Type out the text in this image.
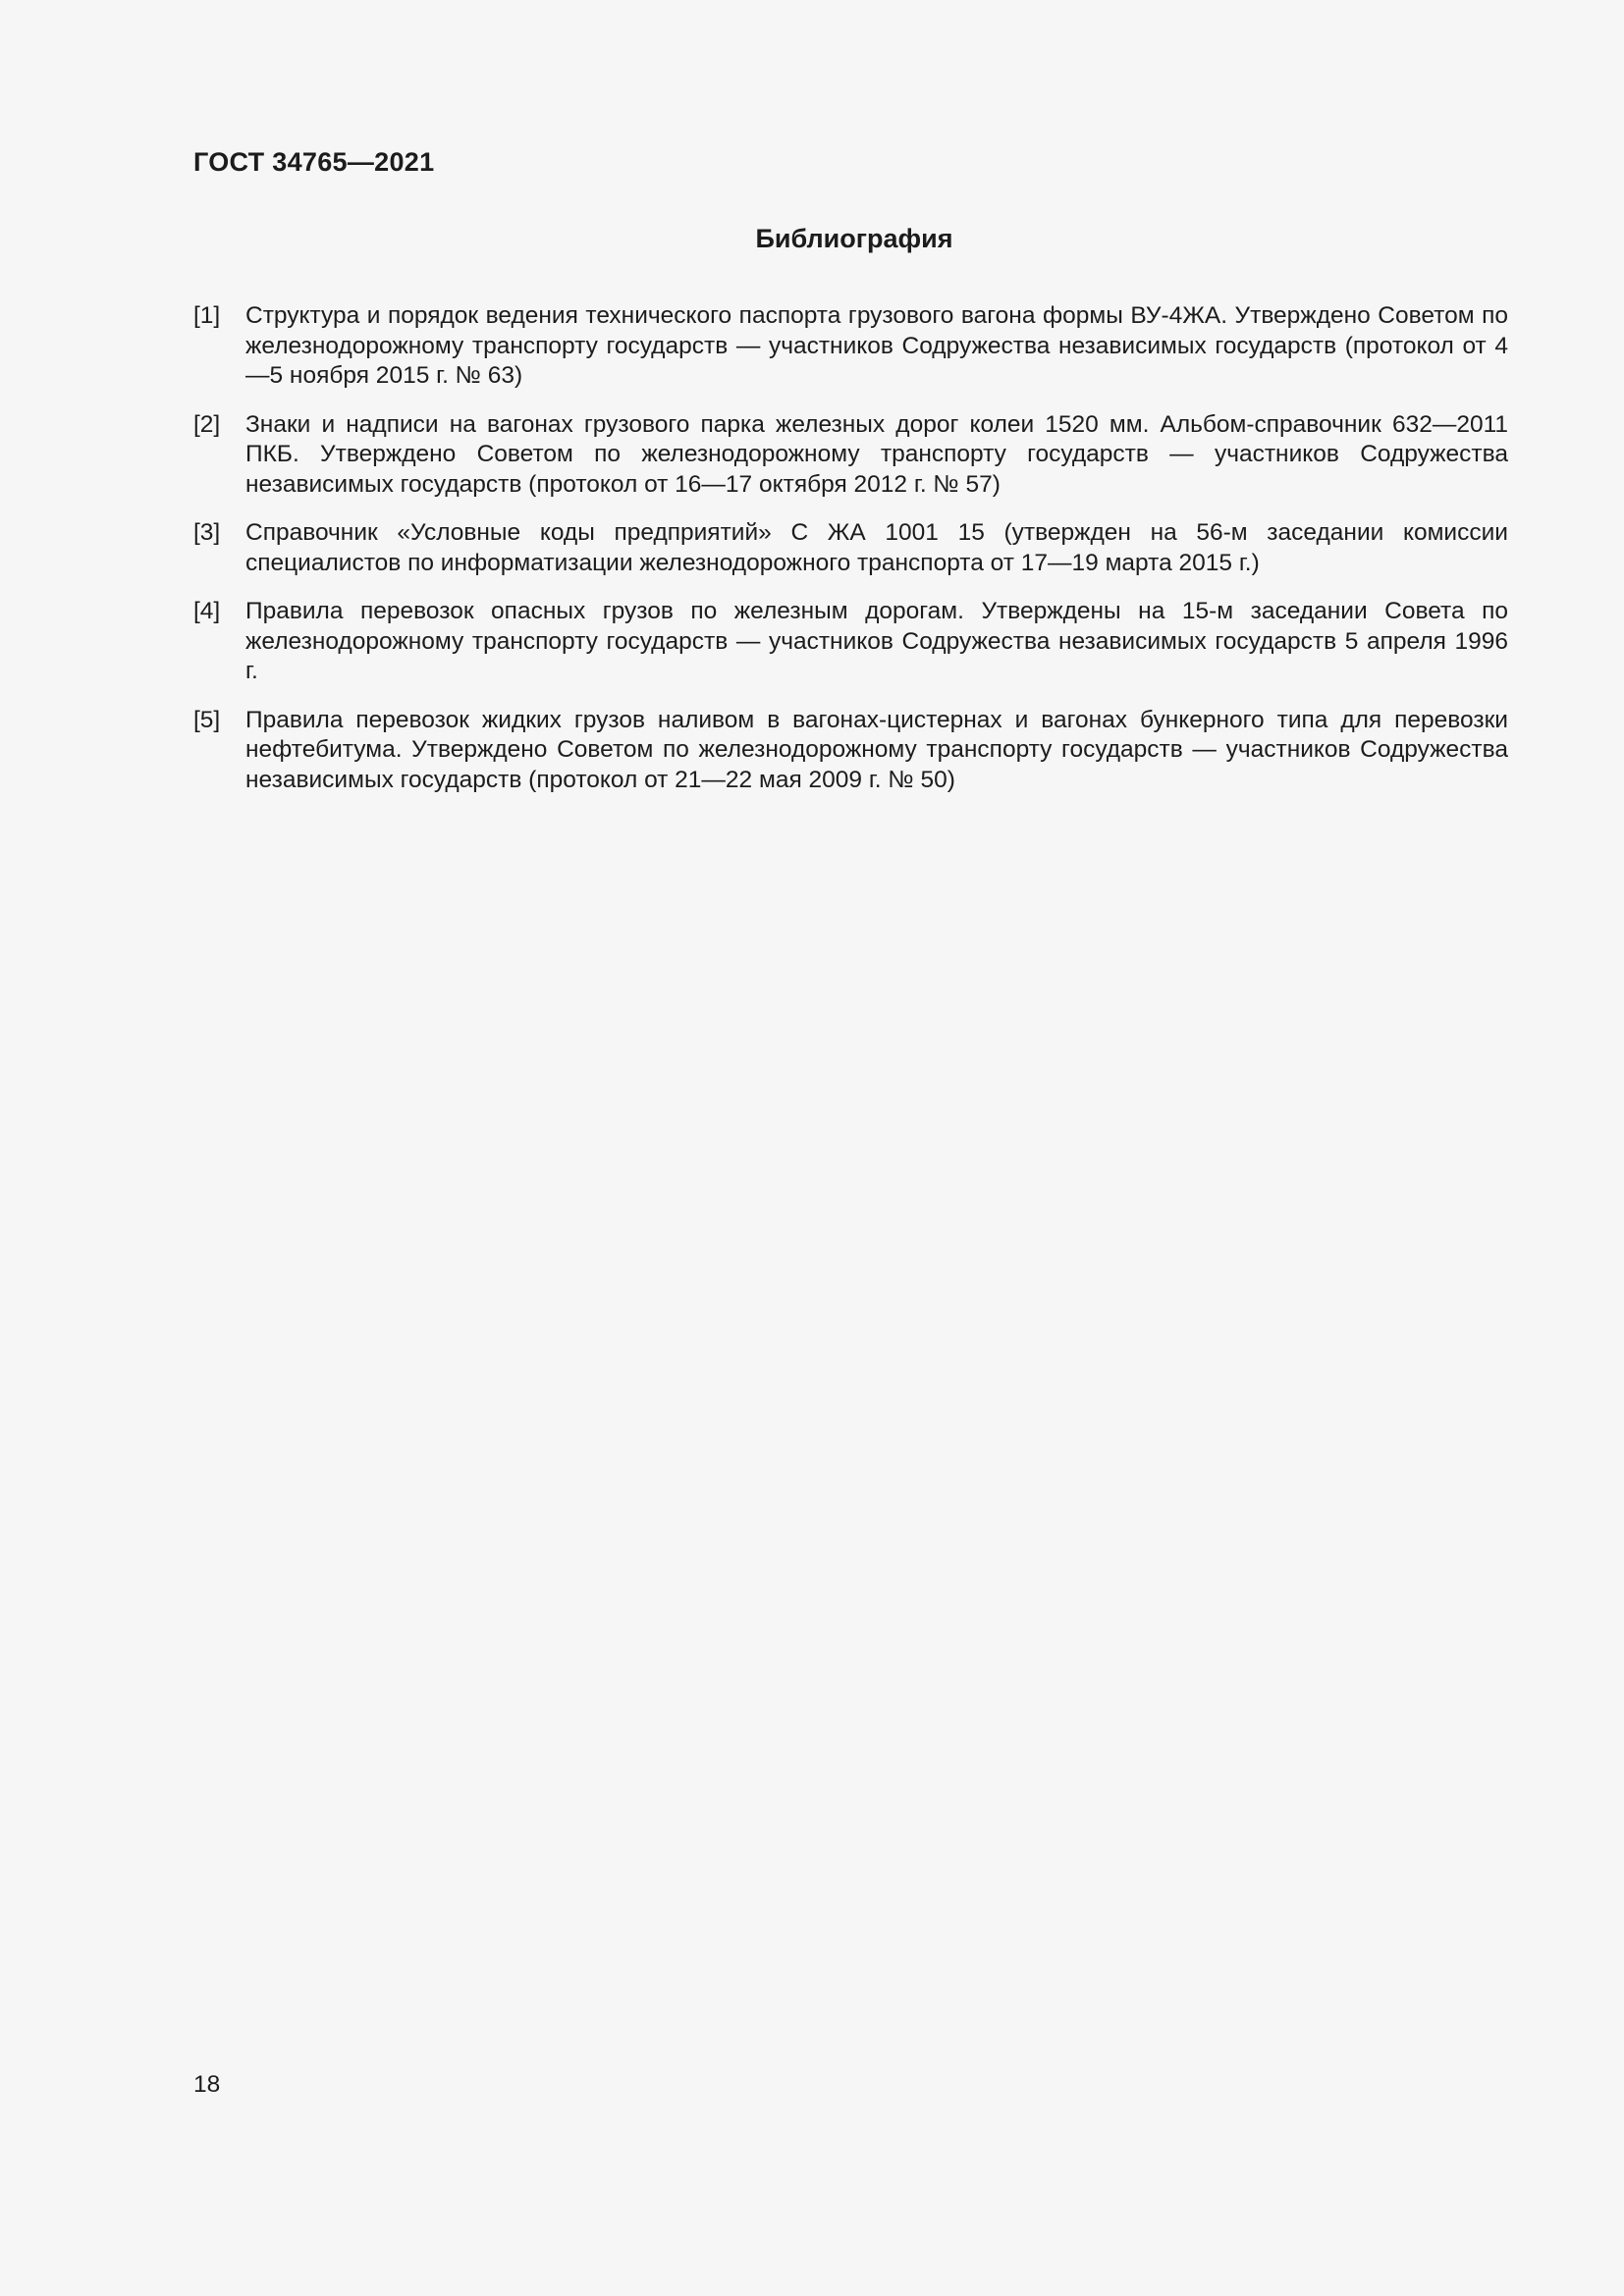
ГОСТ 34765—2021
Библиография
[1]	Структура и порядок ведения технического паспорта грузового вагона формы ВУ-4ЖА. Утверждено Советом по железнодорожному транспорту государств — участников Содружества независимых государств (протокол от 4—5 ноября 2015 г. № 63)
[2]	Знаки и надписи на вагонах грузового парка железных дорог колеи 1520 мм. Альбом-справочник 632—2011 ПКБ. Утверждено Советом по железнодорожному транспорту государств — участников Содружества независимых государств (протокол от 16—17 октября 2012 г. № 57)
[3]	Справочник «Условные коды предприятий» С ЖА 1001 15 (утвержден на 56-м заседании комиссии специалистов по информатизации железнодорожного транспорта от 17—19 марта 2015 г.)
[4]	Правила перевозок опасных грузов по железным дорогам. Утверждены на 15-м заседании Совета по железнодорожному транспорту государств — участников Содружества независимых государств 5 апреля 1996 г.
[5]	Правила перевозок жидких грузов наливом в вагонах-цистернах и вагонах бункерного типа для перевозки нефтебитума. Утверждено Советом по железнодорожному транспорту государств — участников Содружества независимых государств (протокол от 21—22 мая 2009 г. № 50)
18
